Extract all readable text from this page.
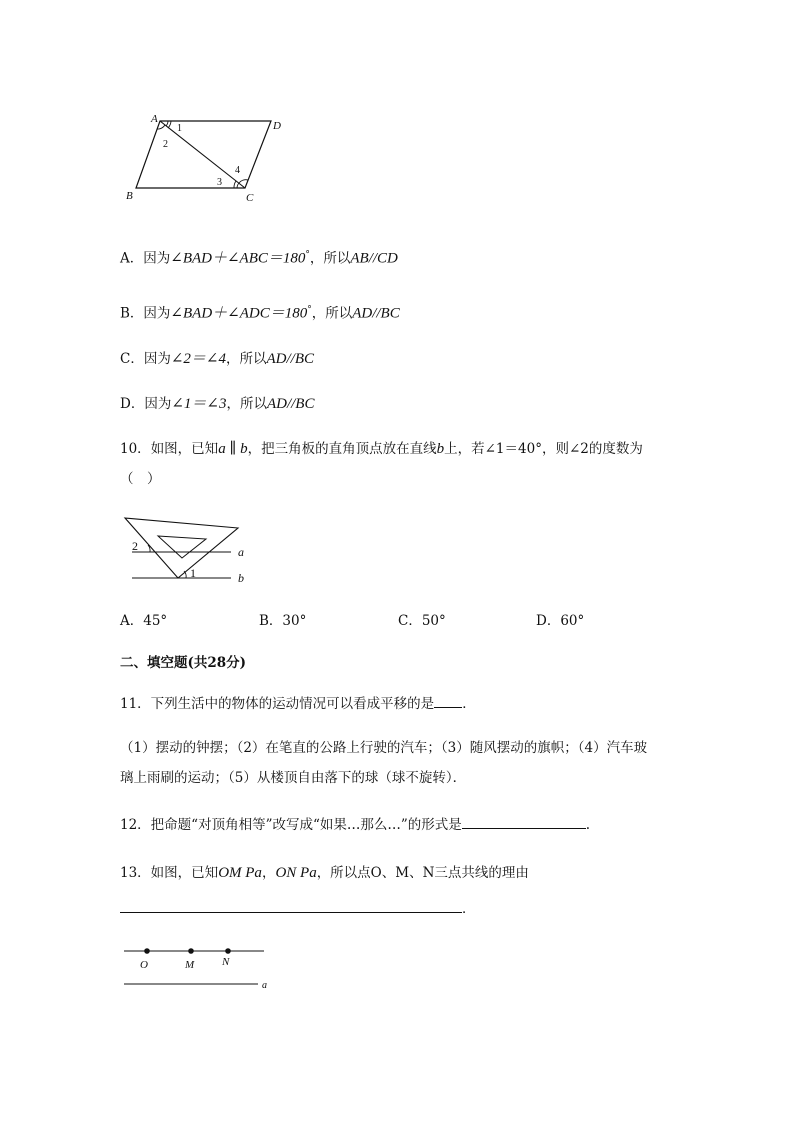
A
D
B	C
1
2
3
4
A．因为∠BAD＋∠ABC＝180°，所以AB//CD
B．因为∠BAD＋∠ADC＝180°，所以AD//BC
C．因为∠2＝∠4，所以AD//BC
D．因为∠1＝∠3，所以AD//BC
10．如图，已知a ∥ b，把三角板的直角顶点放在直线b上，若∠1＝40°，则∠2的度数为
（　）
2
1
a
b
A．45°	B．30°	C．50°	D．60°
二、填空题(共28分)
11．下列生活中的物体的运动情况可以看成平移的是 ．
（1）摆动的钟摆；（2）在笔直的公路上行驶的汽车；（3）随风摆动的旗帜；（4）汽车玻
璃上雨刷的运动；（5）从楼顶自由落下的球（球不旋转）．
12．把命题“对顶角相等”改写成“如果…那么…”的形式是	.
13．如图，已知OM Pa，ON Pa，所以点O、M、N三点共线的理由
．
O	M	N
a
